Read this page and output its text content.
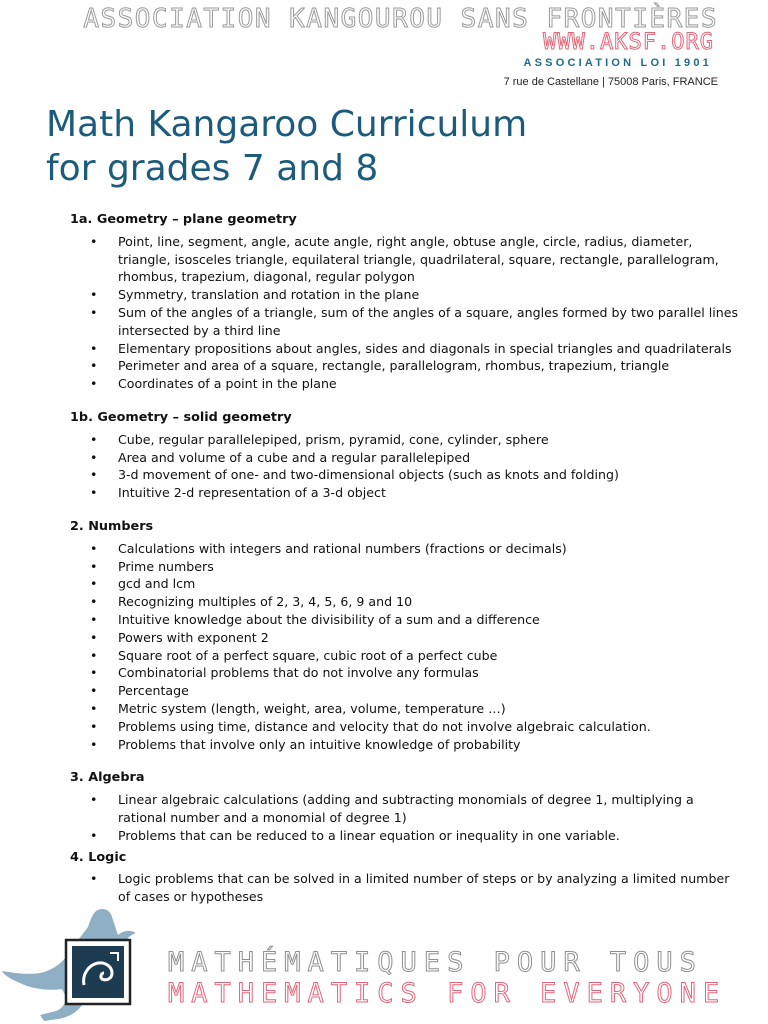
ASSOCIATION KANGOUROU SANS FRONTIÈRES
WWW.AKSF.ORG
ASSOCIATION LOI 1901
7 rue de Castellane | 75008 Paris, FRANCE
Math Kangaroo Curriculum
for grades 7 and 8
1a. Geometry – plane geometry
• Point, line, segment, angle, acute angle, right angle, obtuse angle, circle, radius, diameter, triangle, isosceles triangle, equilateral triangle, quadrilateral, square, rectangle, parallelogram, rhombus, trapezium, diagonal, regular polygon
• Symmetry, translation and rotation in the plane
• Sum of the angles of a triangle, sum of the angles of a square, angles formed by two parallel lines intersected by a third line
• Elementary propositions about angles, sides and diagonals in special triangles and quadrilaterals
• Perimeter and area of a square, rectangle, parallelogram, rhombus, trapezium, triangle
• Coordinates of a point in the plane
1b. Geometry – solid geometry
• Cube, regular parallelepiped, prism, pyramid, cone, cylinder, sphere
• Area and volume of a cube and a regular parallelepiped
• 3-d movement of one- and two-dimensional objects (such as knots and folding)
• Intuitive 2-d representation of a 3-d object
2. Numbers
• Calculations with integers and rational numbers (fractions or decimals)
• Prime numbers
• gcd and lcm
• Recognizing multiples of 2, 3, 4, 5, 6, 9 and 10
• Intuitive knowledge about the divisibility of a sum and a difference
• Powers with exponent 2
• Square root of a perfect square, cubic root of a perfect cube
• Combinatorial problems that do not involve any formulas
• Percentage
• Metric system (length, weight, area, volume, temperature …)
• Problems using time, distance and velocity that do not involve algebraic calculation.
• Problems that involve only an intuitive knowledge of probability
3. Algebra
• Linear algebraic calculations (adding and subtracting monomials of degree 1, multiplying a rational number and a monomial of degree 1)
• Problems that can be reduced to a linear equation or inequality in one variable.
4. Logic
• Logic problems that can be solved in a limited number of steps or by analyzing a limited number of cases or hypotheses
MATHÉMATIQUES POUR TOUS
MATHEMATICS FOR EVERYONE
